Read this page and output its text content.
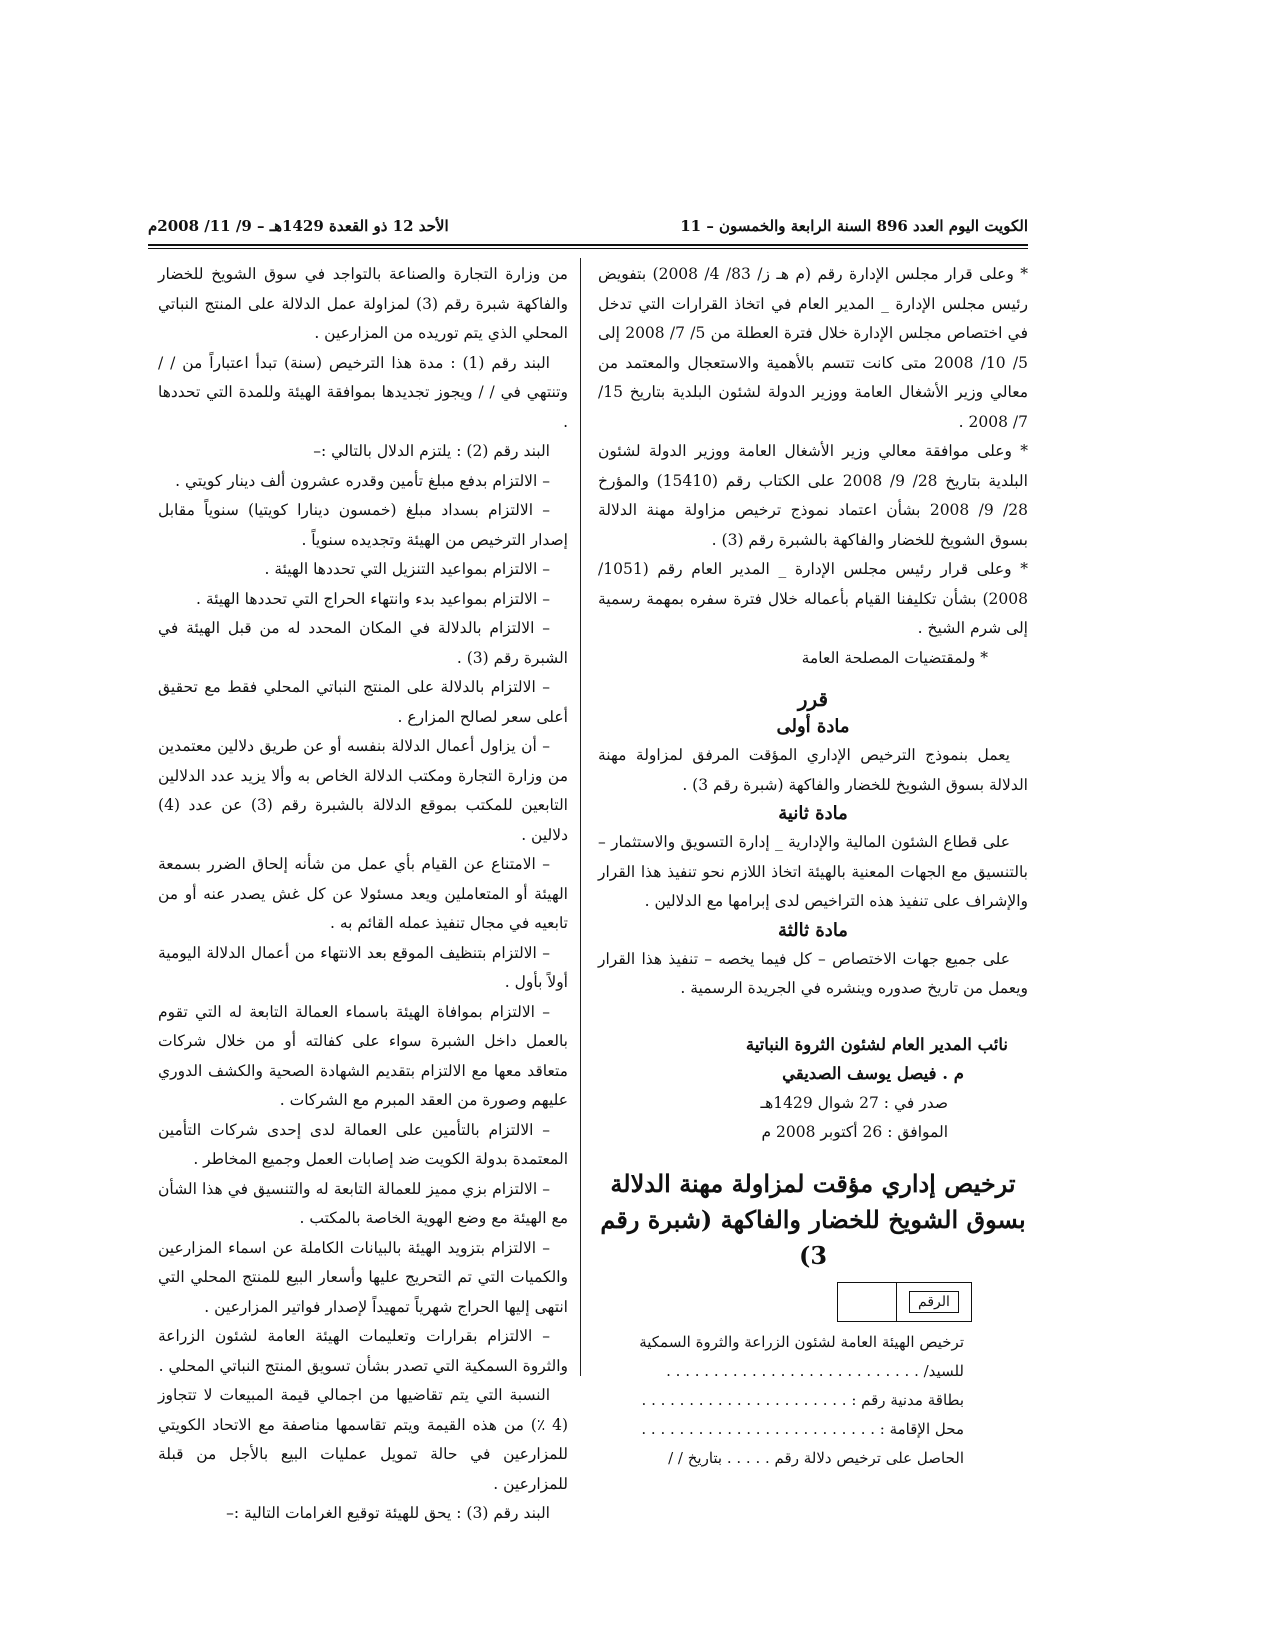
الأحد 12 ذو القعدة 1429هـ – 9/ 11/ 2008م	الكويت اليوم العدد 896 السنة الرابعة والخمسون – 11

* وعلى قرار مجلس الإدارة رقم (م هـ ز/ 83/ 4/ 2008) بتفويض رئيس مجلس الإدارة _ المدير العام في اتخاذ القرارات التي تدخل في اختصاص مجلس الإدارة خلال فترة العطلة من 5/ 7/ 2008 إلى 5/ 10/ 2008 متى كانت تتسم بالأهمية والاستعجال والمعتمد من معالي وزير الأشغال العامة ووزير الدولة لشئون البلدية بتاريخ 15/ 7/ 2008 .

* وعلى موافقة معالي وزير الأشغال العامة ووزير الدولة لشئون البلدية بتاريخ 28/ 9/ 2008 على الكتاب رقم (15410) والمؤرخ 28/ 9/ 2008 بشأن اعتماد نموذج ترخيص مزاولة مهنة الدلالة بسوق الشويخ للخضار والفاكهة بالشبرة رقم (3) .

* وعلى قرار رئيس مجلس الإدارة _ المدير العام رقم (1051/ 2008) بشأن تكليفنا القيام بأعماله خلال فترة سفره بمهمة رسمية إلى شرم الشيخ .

* ولمقتضيات المصلحة العامة

قرر
مادة أولى

يعمل بنموذج الترخيص الإداري المؤقت المرفق لمزاولة مهنة الدلالة بسوق الشويخ للخضار والفاكهة (شبرة رقم 3) .

مادة ثانية

على قطاع الشئون المالية والإدارية _ إدارة التسويق والاستثمار – بالتنسيق مع الجهات المعنية بالهيئة اتخاذ اللازم نحو تنفيذ هذا القرار والإشراف على تنفيذ هذه التراخيص لدى إبرامها مع الدلالين .

مادة ثالثة

على جميع جهات الاختصاص – كل فيما يخصه – تنفيذ هذا القرار ويعمل من تاريخ صدوره وينشره في الجريدة الرسمية .

نائب المدير العام لشئون الثروة النباتية
م . فيصل يوسف الصديقي
صدر في : 27 شوال 1429هـ
الموافق : 26 أكتوبر 2008 م
ترخيص إداري مؤقت لمزاولة مهنة الدلالة
بسوق الشويخ للخضار والفاكهة (شبرة رقم 3)
الرقم
ترخيص الهيئة العامة لشئون الزراعة والثروة السمكية
للسيد/ . . . . . . . . . . . . . . . . . . . . . . . . . . .
بطاقة مدنية رقم : . . . . . . . . . . . . . . . . . . . . . .
محل الإقامة : . . . . . . . . . . . . . . . . . . . . . . . . .
الحاصل على ترخيص دلالة رقم . . . . . بتاريخ / /

من وزارة التجارة والصناعة بالتواجد في سوق الشويخ للخضار والفاكهة شبرة رقم (3) لمزاولة عمل الدلالة على المنتج النباتي المحلي الذي يتم توريده من المزارعين .

البند رقم (1) : مدة هذا الترخيص (سنة) تبدأ اعتباراً من / / وتنتهي في / / ويجوز تجديدها بموافقة الهيئة وللمدة التي تحددها .

البند رقم (2) : يلتزم الدلال بالتالي :–

– الالتزام بدفع مبلغ تأمين وقدره عشرون ألف دينار كويتي .

– الالتزام بسداد مبلغ (خمسون دينارا كويتيا) سنوياً مقابل إصدار الترخيص من الهيئة وتجديده سنوياً .

– الالتزام بمواعيد التنزيل التي تحددها الهيئة .

– الالتزام بمواعيد بدء وانتهاء الحراج التي تحددها الهيئة .

– الالتزام بالدلالة في المكان المحدد له من قبل الهيئة في الشبرة رقم (3) .

– الالتزام بالدلالة على المنتج النباتي المحلي فقط مع تحقيق أعلى سعر لصالح المزارع .

– أن يزاول أعمال الدلالة بنفسه أو عن طريق دلالين معتمدين من وزارة التجارة ومكتب الدلالة الخاص به وألا يزيد عدد الدلالين التابعين للمكتب بموقع الدلالة بالشبرة رقم (3) عن عدد (4) دلالين .

– الامتناع عن القيام بأي عمل من شأنه إلحاق الضرر بسمعة الهيئة أو المتعاملين ويعد مسئولا عن كل غش يصدر عنه أو من تابعيه في مجال تنفيذ عمله القائم به .

– الالتزام بتنظيف الموقع بعد الانتهاء من أعمال الدلالة اليومية أولاً بأول .

– الالتزام بموافاة الهيئة باسماء العمالة التابعة له التي تقوم بالعمل داخل الشبرة سواء على كفالته أو من خلال شركات متعاقد معها مع الالتزام بتقديم الشهادة الصحية والكشف الدوري عليهم وصورة من العقد المبرم مع الشركات .

– الالتزام بالتأمين على العمالة لدى إحدى شركات التأمين المعتمدة بدولة الكويت ضد إصابات العمل وجميع المخاطر .

– الالتزام بزي مميز للعمالة التابعة له والتنسيق في هذا الشأن مع الهيئة مع وضع الهوية الخاصة بالمكتب .

– الالتزام بتزويد الهيئة بالبيانات الكاملة عن اسماء المزارعين والكميات التي تم التحريج عليها وأسعار البيع للمنتج المحلي التي انتهى إليها الحراج شهرياً تمهيداً لإصدار فواتير المزارعين .

– الالتزام بقرارات وتعليمات الهيئة العامة لشئون الزراعة والثروة السمكية التي تصدر بشأن تسويق المنتج النباتي المحلي .

النسبة التي يتم تقاضيها من اجمالي قيمة المبيعات لا تتجاوز (4 ٪) من هذه القيمة ويتم تقاسمها مناصفة مع الاتحاد الكويتي للمزارعين في حالة تمويل عمليات البيع بالأجل من قبلة للمزارعين .

البند رقم (3) : يحق للهيئة توقيع الغرامات التالية :–
